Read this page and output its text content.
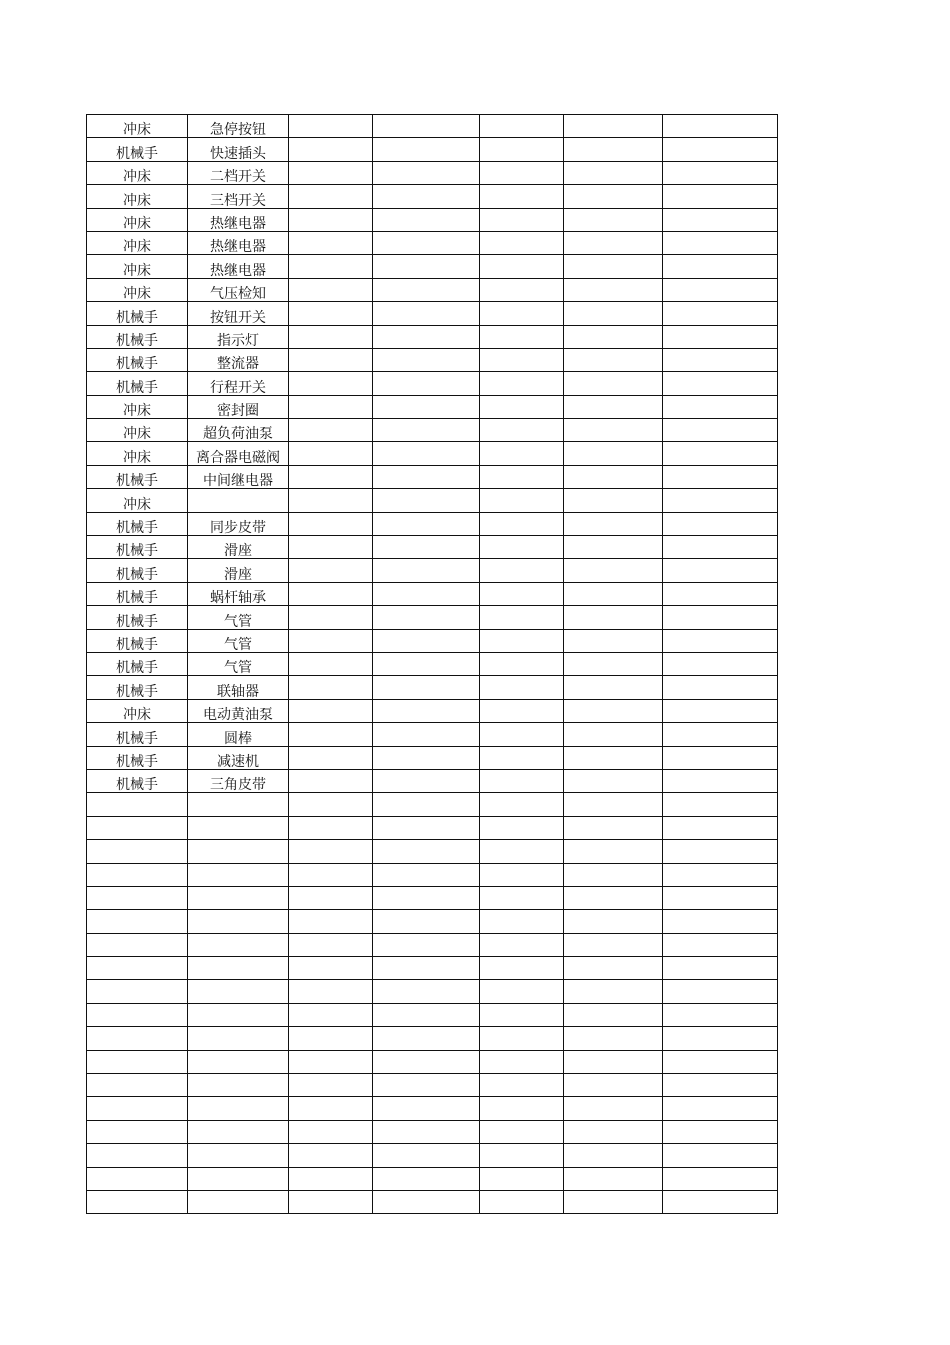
冲床	急停按钮					
机械手	快速插头					
冲床	二档开关					
冲床	三档开关					
冲床	热继电器					
冲床	热继电器					
冲床	热继电器					
冲床	气压检知					
机械手	按钮开关					
机械手	指示灯					
机械手	整流器					
机械手	行程开关					
冲床	密封圈					
冲床	超负荷油泵					
冲床	离合器电磁阀					
机械手	中间继电器					
冲床						
机械手	同步皮带					
机械手	滑座					
机械手	滑座					
机械手	蜗杆轴承					
机械手	气管					
机械手	气管					
机械手	气管					
机械手	联轴器					
冲床	电动黄油泵					
机械手	圆棒					
机械手	减速机					
机械手	三角皮带					
